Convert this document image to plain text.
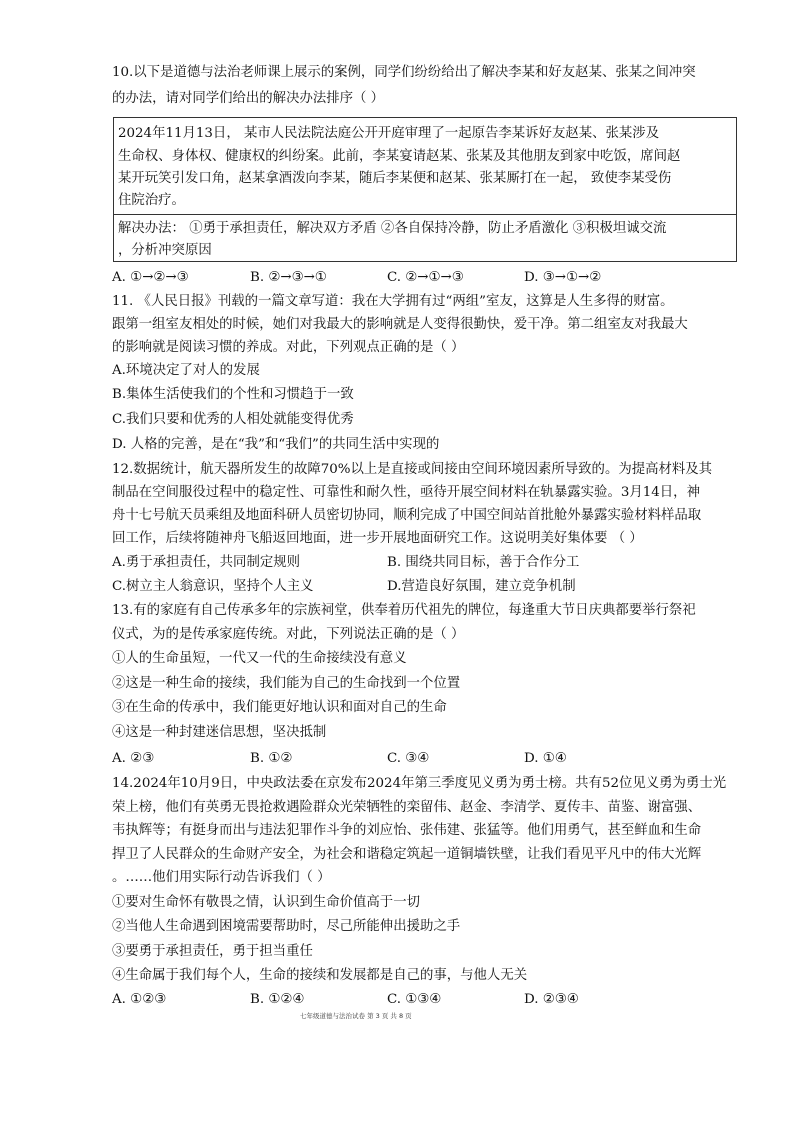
10.以下是道德与法治老师课上展示的案例，同学们纷纷给出了解决李某和好友赵某、张某之间冲突
的办法，请对同学们给出的解决办法排序（ ）
2024年11月13日， 某市人民法院法庭公开开庭审理了一起原告李某诉好友赵某、张某涉及
生命权、身体权、健康权的纠纷案。此前，李某宴请赵某、张某及其他朋友到家中吃饭，席间赵
某开玩笑引发口角，赵某拿酒泼向李某，随后李某便和赵某、张某厮打在一起， 致使李某受伤
住院治疗。
解决办法： ①勇于承担责任，解决双方矛盾 ②各自保持冷静，防止矛盾激化 ③积极坦诚交流
，分析冲突原因
A. ①→②→③	B. ②→③→①	C. ②→①→③	D. ③→①→②
11. 《人民日报》刊载的一篇文章写道：我在大学拥有过“两组”室友，这算是人生多得的财富。
跟第一组室友相处的时候，她们对我最大的影响就是人变得很勤快，爱干净。第二组室友对我最大
的影响就是阅读习惯的养成。对此，下列观点正确的是（ ）
A.环境决定了对人的发展
B.集体生活使我们的个性和习惯趋于一致
C.我们只要和优秀的人相处就能变得优秀
D. 人格的完善，是在“我”和“我们”的共同生活中实现的
12.数据统计，航天器所发生的故障70%以上是直接或间接由空间环境因素所导致的。为提高材料及其
制品在空间服役过程中的稳定性、可靠性和耐久性，亟待开展空间材料在轨暴露实验。3月14日，神
舟十七号航天员乘组及地面科研人员密切协同，顺利完成了中国空间站首批舱外暴露实验材料样品取
回工作，后续将随神舟飞船返回地面，进一步开展地面研究工作。这说明美好集体要 （ ）
A.勇于承担责任，共同制定规则	B. 围绕共同目标，善于合作分工
C.树立主人翁意识，坚持个人主义	D.营造良好氛围，建立竞争机制
13.有的家庭有自己传承多年的宗族祠堂，供奉着历代祖先的牌位，每逢重大节日庆典都要举行祭祀
仪式，为的是传承家庭传统。对此，下列说法正确的是（ ）
①人的生命虽短，一代又一代的生命接续没有意义
②这是一种生命的接续，我们能为自己的生命找到一个位置
③在生命的传承中，我们能更好地认识和面对自己的生命
④这是一种封建迷信思想，坚决抵制
A. ②③	B. ①②	C. ③④	D. ①④
14.2024年10月9日，中央政法委在京发布2024年第三季度见义勇为勇士榜。共有52位见义勇为勇士光
荣上榜，他们有英勇无畏抢救遇险群众光荣牺牲的栾留伟、赵金、李清学、夏传丰、苗鉴、谢富强、
韦执辉等；有挺身而出与违法犯罪作斗争的刘应怡、张伟建、张猛等。他们用勇气，甚至鲜血和生命
捍卫了人民群众的生命财产安全，为社会和谐稳定筑起一道铜墙铁壁，让我们看见平凡中的伟大光辉
。……他们用实际行动告诉我们（ ）
①要对生命怀有敬畏之情，认识到生命价值高于一切
②当他人生命遇到困境需要帮助时，尽己所能伸出援助之手
③要勇于承担责任，勇于担当重任
④生命属于我们每个人，生命的接续和发展都是自己的事，与他人无关
A. ①②③	B. ①②④	C. ①③④	D. ②③④
七年级道德与法治试卷 第 3 页 共 8 页
